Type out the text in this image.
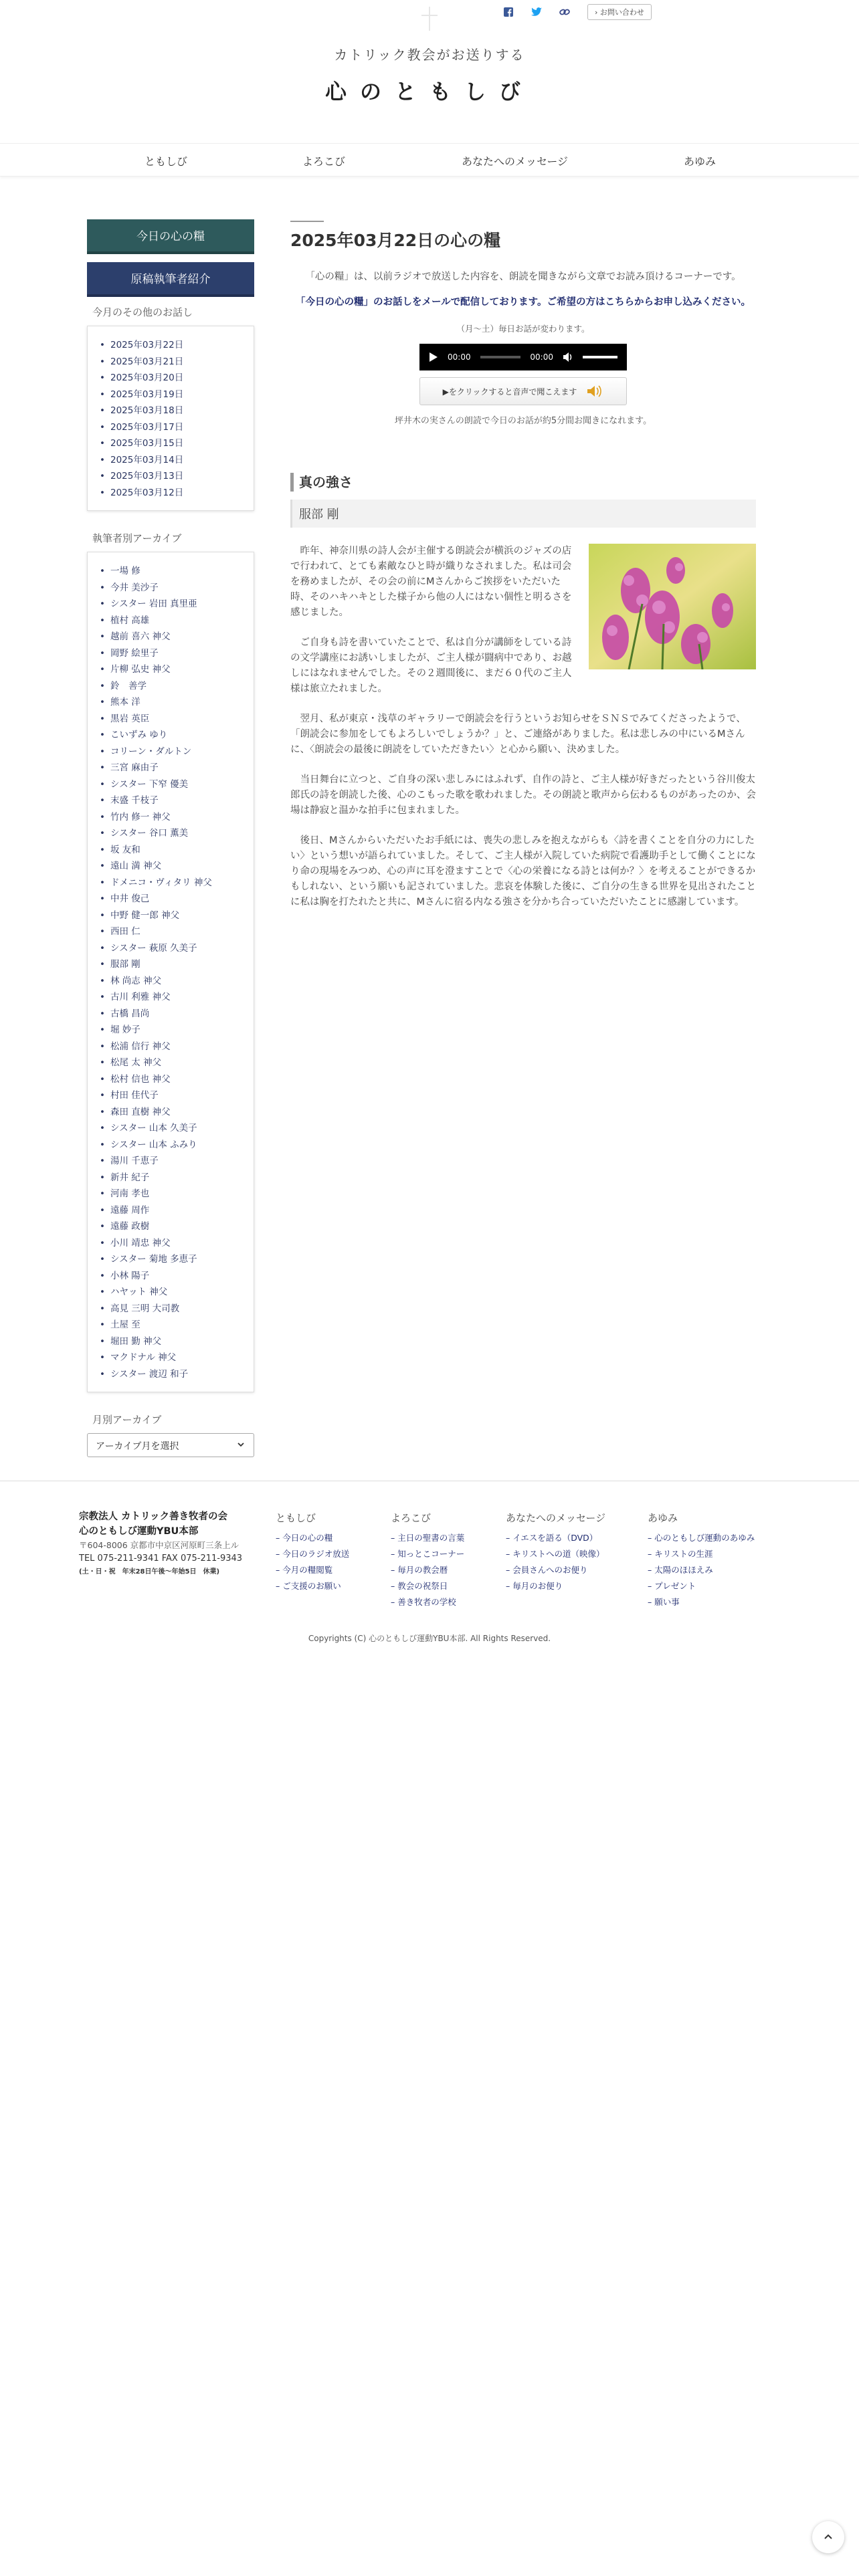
› お問い合わせ
カトリック教会がお送りする
心のともしび
ともしび	よろこび	あなたへのメッセージ	あゆみ
今日の心の糧
原稿執筆者紹介
今月のその他のお話し
• 2025年03月22日
• 2025年03月21日
• 2025年03月20日
• 2025年03月19日
• 2025年03月18日
• 2025年03月17日
• 2025年03月15日
• 2025年03月14日
• 2025年03月13日
• 2025年03月12日
執筆者別アーカイブ
• 一場 修
• 今井 美沙子
• シスター 岩田 真里亜
• 植村 高雄
• 越前 喜六 神父
• 岡野 絵里子
• 片柳 弘史 神父
• 鈴　善学
• 熊本 洋
• 黒岩 英臣
• こいずみ ゆり
• コリーン・ダルトン
• 三宮 麻由子
• シスター 下窄 優美
• 末盛 千枝子
• 竹内 修一 神父
• シスター 谷口 薫美
• 坂 友和
• 遠山 満 神父
• ドメニコ・ヴィタリ 神父
• 中井 俊己
• 中野 健一郎 神父
• 西田 仁
• シスター 萩原 久美子
• 服部 剛
• 林 尚志 神父
• 古川 利雅 神父
• 古橋 昌尚
• 堀 妙子
• 松浦 信行 神父
• 松尾 太 神父
• 松村 信也 神父
• 村田 佳代子
• 森田 直樹 神父
• シスター 山本 久美子
• シスター 山本 ふみり
• 湯川 千恵子
• 新井 紀子
• 河南 孝也
• 遠藤 周作
• 遠藤 政樹
• 小川 靖忠 神父
• シスター 菊地 多恵子
• 小林 陽子
• ハヤット 神父
• 高見 三明 大司教
• 土屋 至
• 堀田 勤 神父
• マクドナル 神父
• シスター 渡辺 和子
月別アーカイブ
アーカイブ月を選択
2025年03月22日の心の糧

「心の糧」は、以前ラジオで放送した内容を、朗読を聞きながら文章でお読み頂けるコーナーです。

「今日の心の糧」のお話しをメールで配信しております。ご希望の方はこちらからお申し込みください。

（月〜土）毎日お話が変わります。

00:00	00:00
▶をクリックすると音声で聞こえます

坪井木の実さんの朗読で今日のお話が約5分間お聞きになれます。

真の強さ
服部 剛

昨年、神奈川県の詩人会が主催する朗読会が横浜のジャズの店で行われて、とても素敵なひと時が織りなされました。私は司会を務めましたが、その会の前にMさんからご挨拶をいただいた時、そのハキハキとした様子から他の人にはない個性と明るさを感じました。

ご自身も詩を書いていたことで、私は自分が講師をしている詩の文学講座にお誘いしましたが、ご主人様が闘病中であり、お越しにはなれませんでした。その２週間後に、まだ６０代のご主人様は旅立たれました。

翌月、私が東京・浅草のギャラリーで朗読会を行うというお知らせをＳＮＳでみてくださったようで、「朗読会に参加をしてもよろしいでしょうか？」と、ご連絡がありました。私は悲しみの中にいるMさんに、〈朗読会の最後に朗読をしていただきたい〉と心から願い、決めました。

当日舞台に立つと、ご自身の深い悲しみにはふれず、自作の詩と、ご主人様が好きだったという谷川俊太郎氏の詩を朗読した後、心のこもった歌を歌われました。その朗読と歌声から伝わるものがあったのか、会場は静寂と温かな拍手に包まれました。

後日、Mさんからいただいたお手紙には、喪失の悲しみを抱えながらも〈詩を書くことを自分の力にしたい〉という想いが語られていました。そして、ご主人様が入院していた病院で看護助手として働くことになり命の現場をみつめ、心の声に耳を澄ますことで〈心の栄養になる詩とは何か？〉を考えることができるかもしれない、という願いも記されていました。悲哀を体験した後に、ご自分の生きる世界を見出されたことに私は胸を打たれたと共に、Mさんに宿る内なる強さを分かち合っていただいたことに感謝しています。

宗教法人 カトリック善き牧者の会
心のともしび運動YBU本部
〒604-8006 京都市中京区河原町三条上ル
TEL 075-211-9341 FAX 075-211-9343
(土・日・祝　年末28日午後〜年始5日　休業)
ともしび
– 今日の心の糧
– 今日のラジオ放送
– 今月の糧閲覧
– ご支援のお願い
よろこび
– 主日の聖書の言葉
– 知っとこコーナー
– 毎月の教会暦
– 教会の祝祭日
– 善き牧者の学校
あなたへのメッセージ
– イエスを語る（DVD）
– キリストへの道（映像）
– 会員さんへのお便り
– 毎月のお便り
あゆみ
– 心のともしび運動のあゆみ
– キリストの生涯
– 太陽のほほえみ
– プレゼント
– 願い事
Copyrights (C) 心のともしび運動YBU本部. All Rights Reserved.
